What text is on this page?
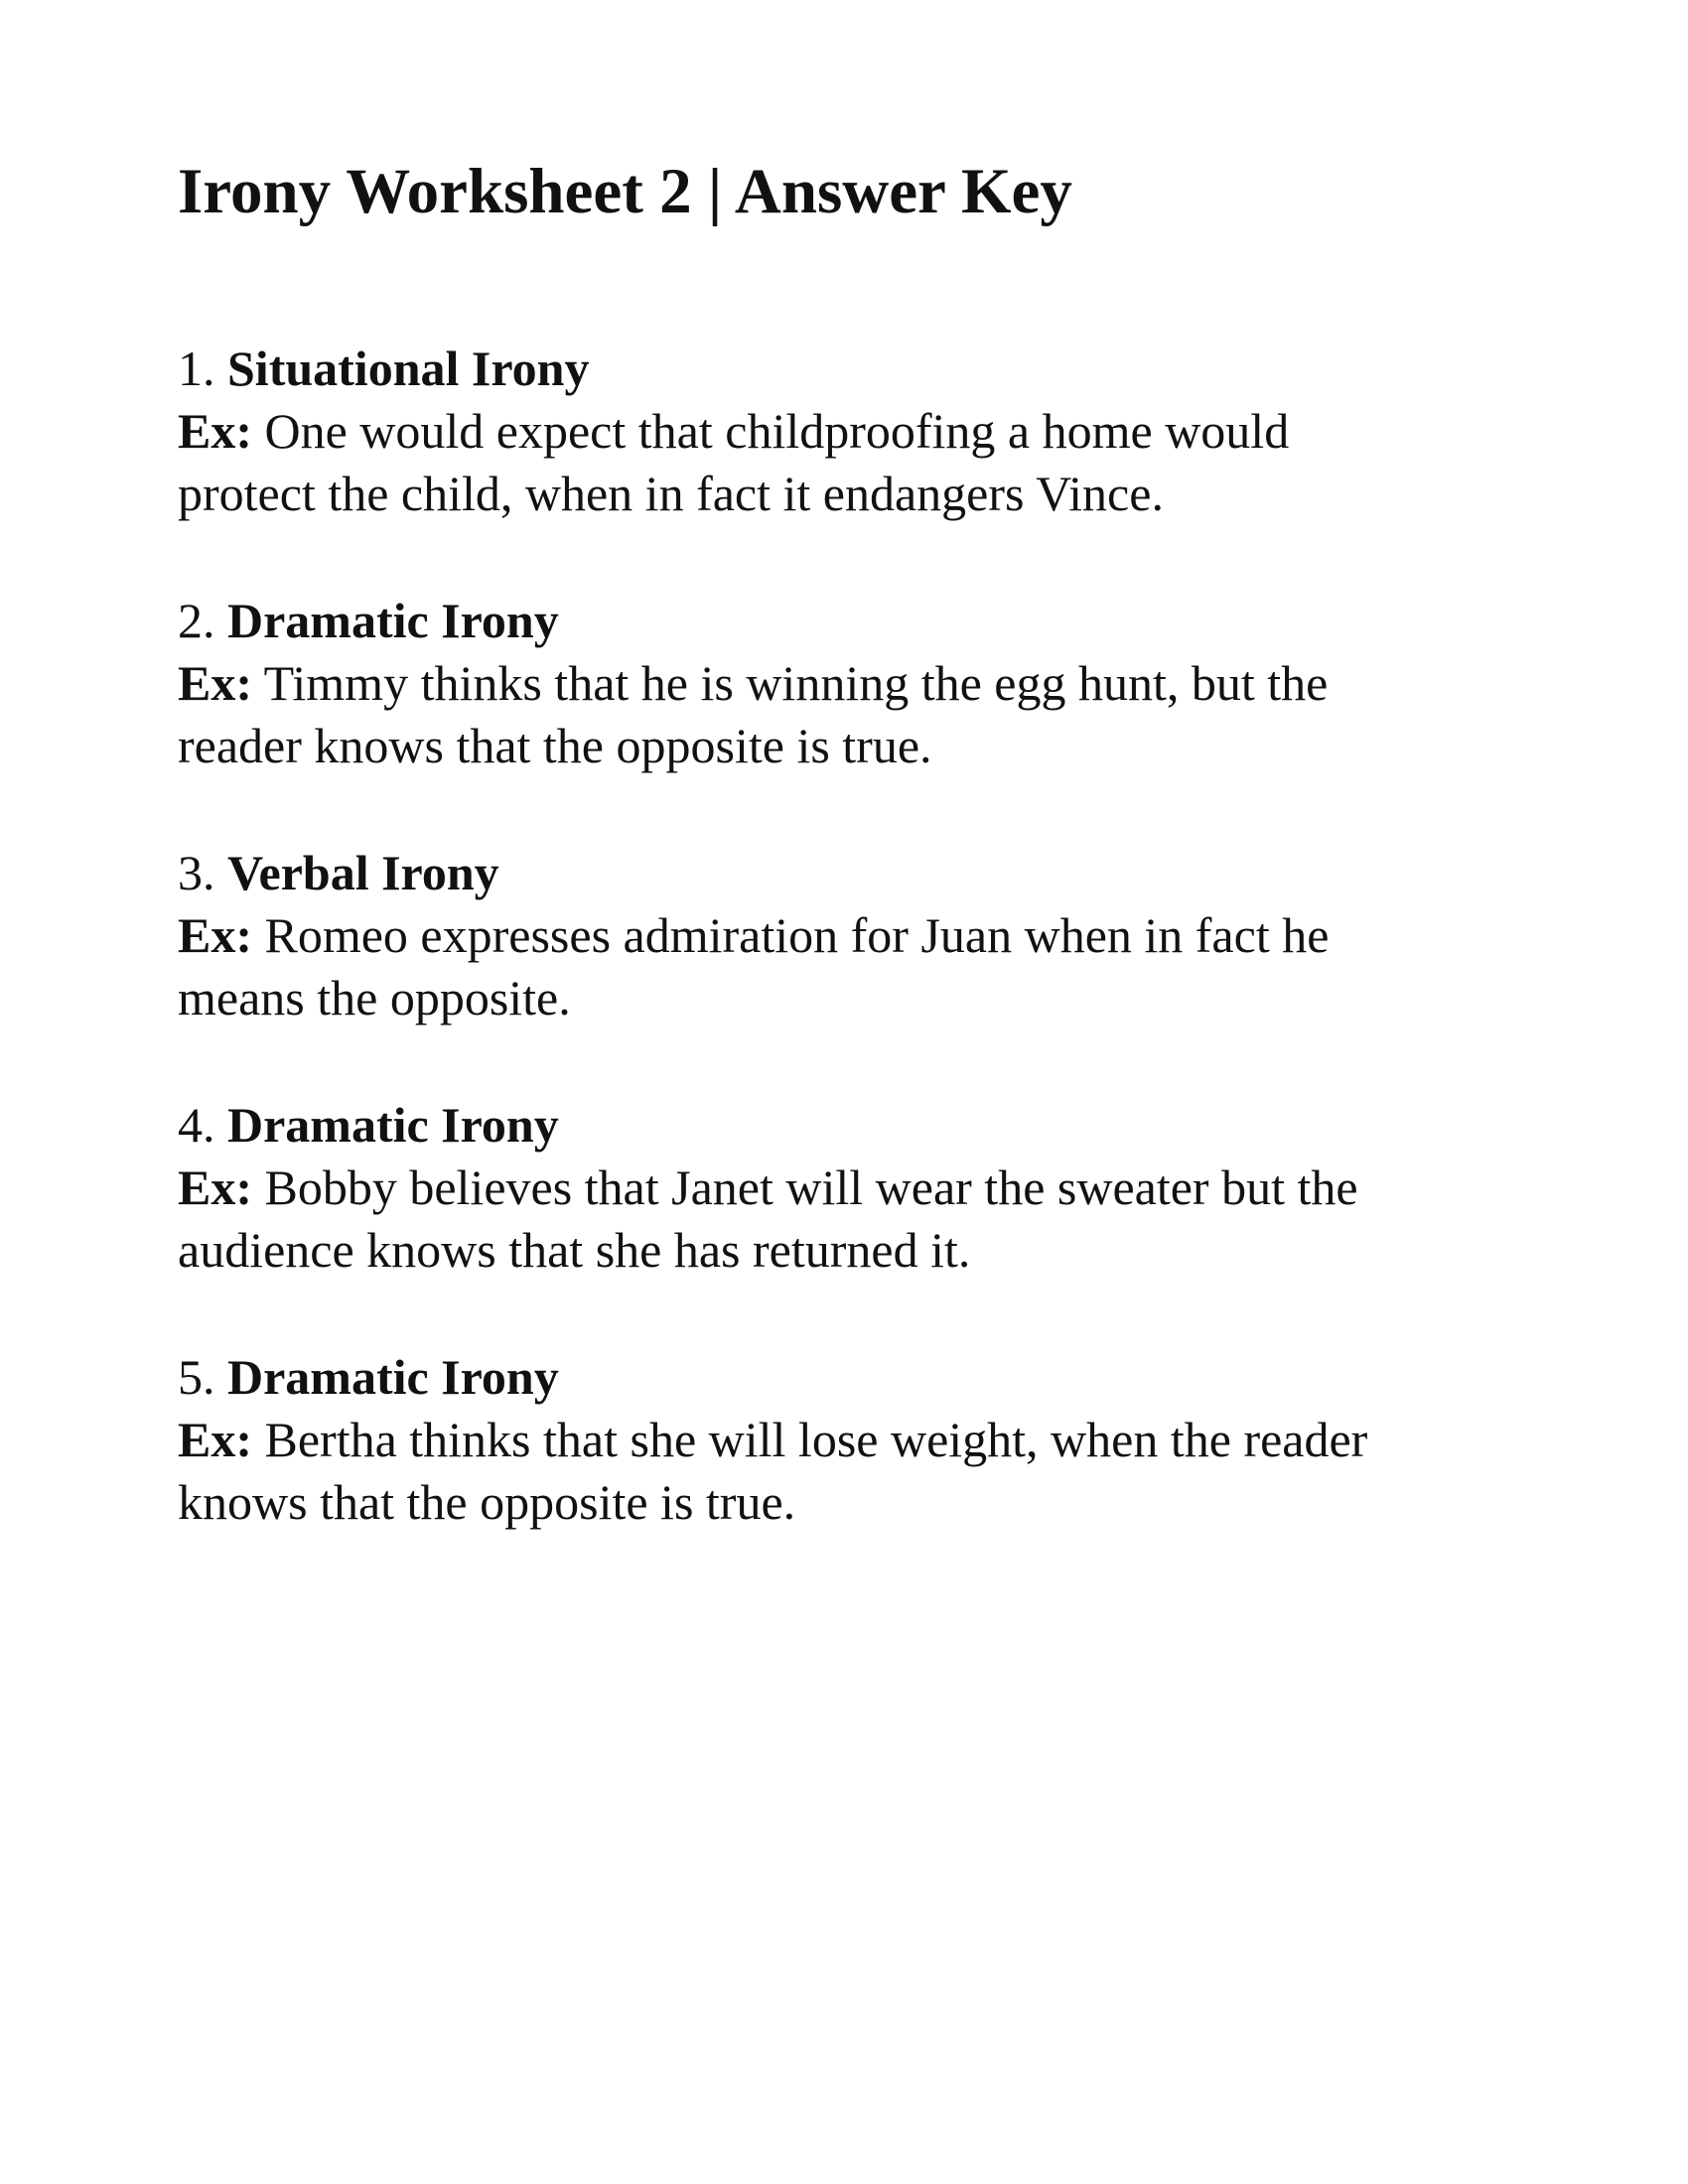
Irony Worksheet 2 | Answer Key
1. Situational Irony
Ex: One would expect that childproofing a home would
protect the child, when in fact it endangers Vince.
2. Dramatic Irony
Ex: Timmy thinks that he is winning the egg hunt, but the
reader knows that the opposite is true.
3. Verbal Irony
Ex: Romeo expresses admiration for Juan when in fact he
means the opposite.
4. Dramatic Irony
Ex: Bobby believes that Janet will wear the sweater but the
audience knows that she has returned it.
5. Dramatic Irony
Ex: Bertha thinks that she will lose weight, when the reader
knows that the opposite is true.
